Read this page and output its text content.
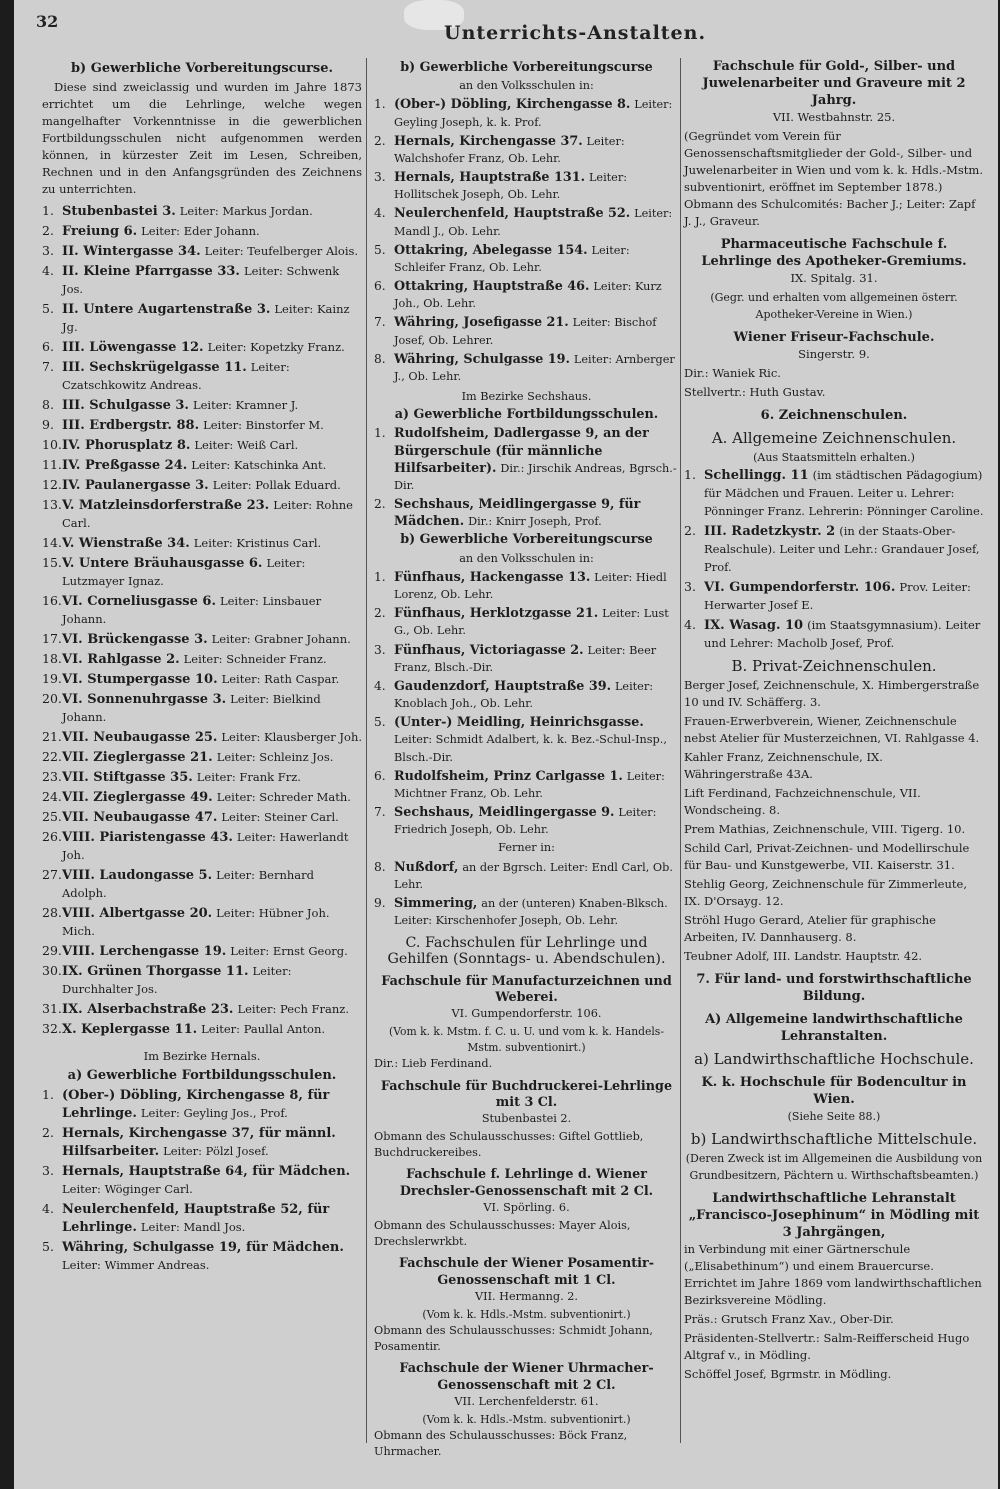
32
Unterrichts-Anstalten.
b) Gewerbliche Vorbereitungscurse.
Diese sind zweiclassig und wurden im Jahre 1873 errichtet um die Lehrlinge, welche wegen mangelhafter Vorkenntnisse in die gewerblichen Fortbildungsschulen nicht aufgenommen werden können, in kürzester Zeit im Lesen, Schreiben, Rechnen und in den Anfangsgründen des Zeichnens zu unterrichten.
1. Stubenbastei 3. Leiter: Markus Jordan.
2. Freiung 6. Leiter: Eder Johann.
3. II. Wintergasse 34. Leiter: Teufelberger Alois.
4. II. Kleine Pfarrgasse 33. Leiter: Schwenk Jos.
5. II. Untere Augartenstraße 3. Leiter: Kainz Jg.
6. III. Löwengasse 12. Leiter: Kopetzky Franz.
7. III. Sechskrügelgasse 11. Leiter: Czatschkowitz Andreas.
8. III. Schulgasse 3. Leiter: Kramner J.
9. III. Erdbergstr. 88. Leiter: Binstorfer M.
10.IV. Phorusplatz 8. Leiter: Weiß Carl.
11.IV. Preßgasse 24. Leiter: Katschinka Ant.
12.IV. Paulanergasse 3. Leiter: Pollak Eduard.
13.V. Matzleinsdorferstraße 23. Leiter: Rohne Carl.
14.V. Wienstraße 34. Leiter: Kristinus Carl.
15.V. Untere Bräuhausgasse 6. Leiter: Lutzmayer Ignaz.
16.VI. Corneliusgasse 6. Leiter: Linsbauer Johann.
17.VI. Brückengasse 3. Leiter: Grabner Johann.
18.VI. Rahlgasse 2. Leiter: Schneider Franz.
19.VI. Stumpergasse 10. Leiter: Rath Caspar.
20.VI. Sonnenuhrgasse 3. Leiter: Bielkind Johann.
21.VII. Neubaugasse 25. Leiter: Klausberger Joh.
22.VII. Zieglergasse 21. Leiter: Schleinz Jos.
23.VII. Stiftgasse 35. Leiter: Frank Frz.
24.VII. Zieglergasse 49. Leiter: Schreder Math.
25.VII. Neubaugasse 47. Leiter: Steiner Carl.
26.VIII. Piaristengasse 43. Leiter: Hawerlandt Joh.
27.VIII. Laudongasse 5. Leiter: Bernhard Adolph.
28.VIII. Albertgasse 20. Leiter: Hübner Joh. Mich.
29.VIII. Lerchengasse 19. Leiter: Ernst Georg.
30.IX. Grünen Thorgasse 11. Leiter: Durchhalter Jos.
31.IX. Alserbachstraße 23. Leiter: Pech Franz.
32.X. Keplergasse 11. Leiter: Paullal Anton.
Im Bezirke Hernals.
a) Gewerbliche Fortbildungsschulen.
1. (Ober-) Döbling, Kirchengasse 8, für Lehrlinge. Leiter: Geyling Jos., Prof.
2. Hernals, Kirchengasse 37, für männl. Hilfsarbeiter. Leiter: Pölzl Josef.
3. Hernals, Hauptstraße 64, für Mädchen. Leiter: Wöginger Carl.
4. Neulerchenfeld, Hauptstraße 52, für Lehrlinge. Leiter: Mandl Jos.
5. Währing, Schulgasse 19, für Mädchen. Leiter: Wimmer Andreas.
b) Gewerbliche Vorbereitungscurse
an den Volksschulen in:
1. (Ober-) Döbling, Kirchengasse 8. Leiter: Geyling Joseph, k. k. Prof.
2. Hernals, Kirchengasse 37. Leiter: Walchshofer Franz, Ob. Lehr.
3. Hernals, Hauptstraße 131. Leiter: Hollitschek Joseph, Ob. Lehr.
4. Neulerchenfeld, Hauptstraße 52. Leiter: Mandl J., Ob. Lehr.
5. Ottakring, Abelegasse 154. Leiter: Schleifer Franz, Ob. Lehr.
6. Ottakring, Hauptstraße 46. Leiter: Kurz Joh., Ob. Lehr.
7. Währing, Josefigasse 21. Leiter: Bischof Josef, Ob. Lehrer.
8. Währing, Schulgasse 19. Leiter: Arnberger J., Ob. Lehr.
Im Bezirke Sechshaus.
a) Gewerbliche Fortbildungsschulen.
1. Rudolfsheim, Dadlergasse 9, an der Bürgerschule (für männliche Hilfsarbeiter). Dir.: Jirschik Andreas, Bgrsch.-Dir.
2. Sechshaus, Meidlingergasse 9, für Mädchen. Dir.: Knirr Joseph, Prof.
b) Gewerbliche Vorbereitungscurse
an den Volksschulen in:
1. Fünfhaus, Hackengasse 13. Leiter: Hiedl Lorenz, Ob. Lehr.
2. Fünfhaus, Herklotzgasse 21. Leiter: Lust G., Ob. Lehr.
3. Fünfhaus, Victoriagasse 2. Leiter: Beer Franz, Blsch.-Dir.
4. Gaudenzdorf, Hauptstraße 39. Leiter: Knoblach Joh., Ob. Lehr.
5. (Unter-) Meidling, Heinrichsgasse. Leiter: Schmidt Adalbert, k. k. Bez.-Schul-Insp., Blsch.-Dir.
6. Rudolfsheim, Prinz Carlgasse 1. Leiter: Michtner Franz, Ob. Lehr.
7. Sechshaus, Meidlingergasse 9. Leiter: Friedrich Joseph, Ob. Lehr.
Ferner in:
8. Nußdorf, an der Bgrsch. Leiter: Endl Carl, Ob. Lehr.
9. Simmering, an der (unteren) Knaben-Blksch. Leiter: Kirschenhofer Joseph, Ob. Lehr.
C. Fachschulen für Lehrlinge und Gehilfen (Sonntags- u. Abendschulen).
Fachschule für Manufacturzeichnen und Weberei.
VI. Gumpendorferstr. 106.
(Vom k. k. Mstm. f. C. u. U. und vom k. k. Handels-Mstm. subventionirt.)
Dir.: Lieb Ferdinand.
Fachschule für Buchdruckerei-Lehrlinge mit 3 Cl.
Stubenbastei 2.
Obmann des Schulausschusses: Giftel Gottlieb, Buchdruckereibes.
Fachschule f. Lehrlinge d. Wiener Drechsler-Genossenschaft mit 2 Cl.
VI. Spörling. 6.
Obmann des Schulausschusses: Mayer Alois, Drechslerwrkbt.
Fachschule der Wiener Posamentir-Genossenschaft mit 1 Cl.
VII. Hermanng. 2.
(Vom k. k. Hdls.-Mstm. subventionirt.)
Obmann des Schulausschusses: Schmidt Johann, Posamentir.
Fachschule der Wiener Uhrmacher-Genossenschaft mit 2 Cl.
VII. Lerchenfelderstr. 61.
(Vom k. k. Hdls.-Mstm. subventionirt.)
Obmann des Schulausschusses: Böck Franz, Uhrmacher.
Fachschule für Gold-, Silber- und Juwelenarbeiter und Graveure mit 2 Jahrg.
VII. Westbahnstr. 25.
(Gegründet vom Verein für Genossenschaftsmitglieder der Gold-, Silber- und Juwelenarbeiter in Wien und vom k. k. Hdls.-Mstm. subventionirt, eröffnet im September 1878.) Obmann des Schulcomités: Bacher J.; Leiter: Zapf J. J., Graveur.
Pharmaceutische Fachschule f. Lehrlinge des Apotheker-Gremiums.
IX. Spitalg. 31.
(Gegr. und erhalten vom allgemeinen österr. Apotheker-Vereine in Wien.)
Wiener Friseur-Fachschule.
Singerstr. 9.
Dir.: Waniek Ric.
Stellvertr.: Huth Gustav.
6. Zeichnenschulen.
A. Allgemeine Zeichnenschulen.
(Aus Staatsmitteln erhalten.)
1. Schellingg. 11 (im städtischen Pädagogium) für Mädchen und Frauen. Leiter u. Lehrer: Pönninger Franz. Lehrerin: Pönninger Caroline.
2. III. Radetzkystr. 2 (in der Staats-Ober-Realschule). Leiter und Lehr.: Grandauer Josef, Prof.
3. VI. Gumpendorferstr. 106. Prov. Leiter: Herwarter Josef E.
4. IX. Wasag. 10 (im Staatsgymnasium). Leiter und Lehrer: Macholb Josef, Prof.
B. Privat-Zeichnenschulen.
Berger Josef, Zeichnenschule, X. Himbergerstraße 10 und IV. Schäfferg. 3.
Frauen-Erwerbverein, Wiener, Zeichnenschule nebst Atelier für Musterzeichnen, VI. Rahlgasse 4.
Kahler Franz, Zeichnenschule, IX. Währingerstraße 43A.
Lift Ferdinand, Fachzeichnenschule, VII. Wondscheing. 8.
Prem Mathias, Zeichnenschule, VIII. Tigerg. 10.
Schild Carl, Privat-Zeichnen- und Modellirschule für Bau- und Kunstgewerbe, VII. Kaiserstr. 31.
Stehlig Georg, Zeichnenschule für Zimmerleute, IX. D'Orsayg. 12.
Ströhl Hugo Gerard, Atelier für graphische Arbeiten, IV. Dannhauserg. 8.
Teubner Adolf, III. Landstr. Hauptstr. 42.
7. Für land- und forstwirthschaftliche Bildung.
A) Allgemeine landwirthschaftliche Lehranstalten.
a) Landwirthschaftliche Hochschule.
K. k. Hochschule für Bodencultur in Wien.
(Siehe Seite 88.)
b) Landwirthschaftliche Mittelschule.
(Deren Zweck ist im Allgemeinen die Ausbildung von Grundbesitzern, Pächtern u. Wirthschaftsbeamten.)
Landwirthschaftliche Lehranstalt „Francisco-Josephinum“ in Mödling mit 3 Jahrgängen,
in Verbindung mit einer Gärtnerschule („Elisabethinum“) und einem Brauercurse. Errichtet im Jahre 1869 vom landwirthschaftlichen Bezirksvereine Mödling.
Präs.: Grutsch Franz Xav., Ober-Dir.
Präsidenten-Stellvertr.: Salm-Reifferscheid Hugo Altgraf v., in Mödling.
Schöffel Josef, Bgrmstr. in Mödling.
